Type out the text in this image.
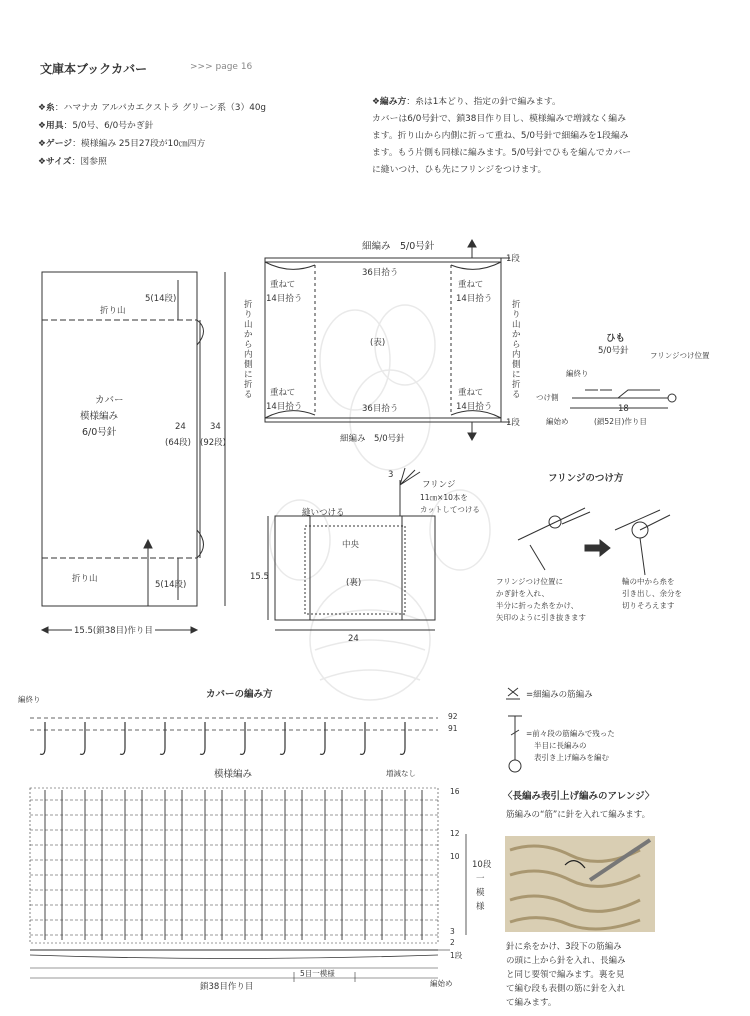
文庫本ブックカバー	>>> page 16
❖糸：ハマナカ アルパカエクストラ グリーン系（3）40g
❖用具：5/0号、6/0号かぎ針
❖ゲージ：模様編み 25目27段が10㎝四方
❖サイズ：図参照
❖編み方：糸は1本どり、指定の針で編みます。
カバーは6/0号針で、鎖38目作り目し、模様編みで増減なく編み
ます。折り山から内側に折って重ね、5/0号針で細編みを1段編み
ます。もう片側も同様に編みます。5/0号針でひもを編んでカバー
に縫いつけ、ひも先にフリンジをつけます。
折り山
5(14段)
カバー
模様編み
6/0号針	24
(64段)
34
(92段)
折り山
5(14段)
15.5(鎖38目)作り目
細編み　5/0号針
1段
36目拾う
重ねて
14目拾う
重ねて
14目拾う
(表)
重ねて
14目拾う
重ねて
14目拾う
36目拾う
1段
細編み　5/0号針
折り山から内側に折る
折り山から内側に折る
ひも
5/0号針	フリンジつけ位置
編終り
つけ側
18
(鎖52目)作り目
編始め
3
フリンジ
11㎝×10本を
カットしてつける
縫いつける
中央
(裏)
15.5
24
フリンジのつけ方
フリンジつけ位置に
かぎ針を入れ、
半分に折った糸をかけ、
矢印のように引き抜きます
輪の中から糸を
引き出し、余分を
切りそろえます
カバーの編み方
編終り
模様編み	増減なし
92
91
16
12
10
3
2
1段
10段
一
模
様
鎖38目作り目
5目一模様
編始め
=細編みの筋編み
=前々段の筋編みで残った
半目に長編みの
表引き上げ編みを編む
〈長編み表引上げ編みのアレンジ〉
筋編みの“筋”に針を入れて編みます。
針に糸をかけ、3段下の筋編み
の頭に上から針を入れ、長編み
と同じ要領で編みます。裏を見
て編む段も表側の筋に針を入れ
て編みます。
